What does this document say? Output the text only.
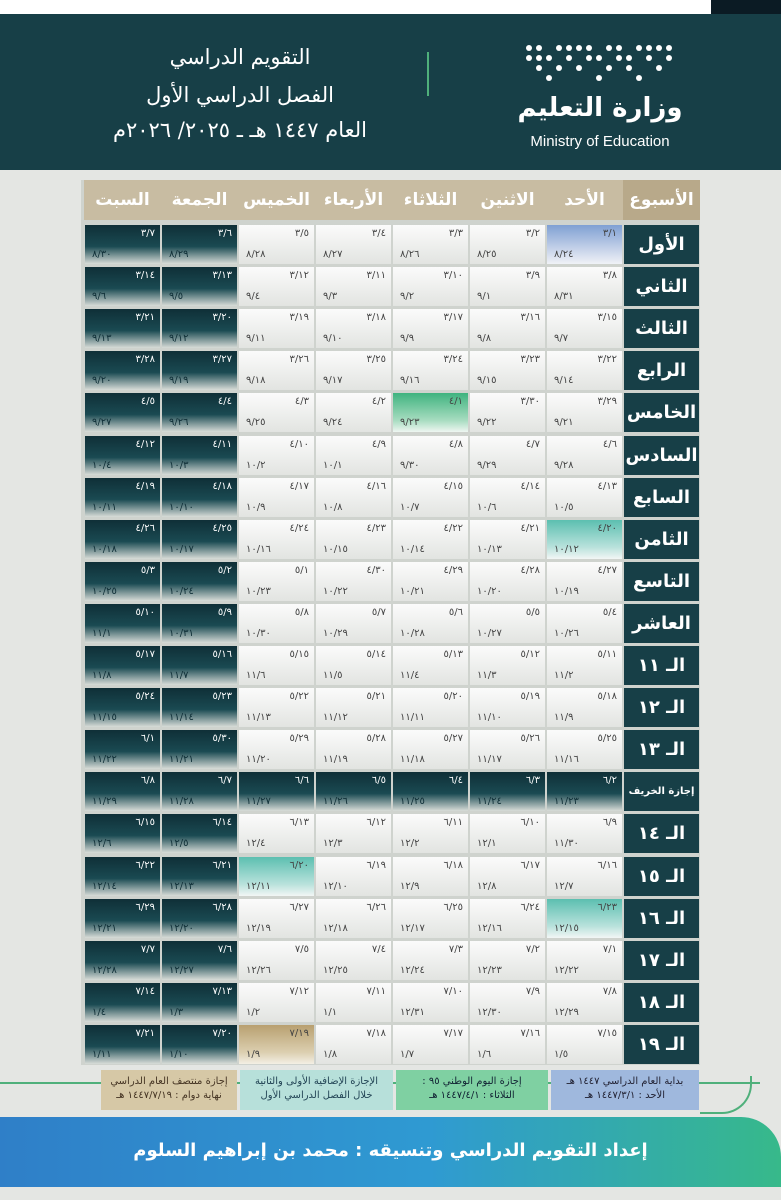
وزارة التعليم
Ministry of Education
التقويم الدراسي
الفصل الدراسي الأول
العام ١٤٤٧ هـ ـ ٢٠٢٥/ ٢٠٢٦م
الأسبوع
الأحد
الاثنين
الثلاثاء
الأربعاء
الخميس
الجمعة
السبت
الأول
٣/١
٨/٢٤
٣/٢
٨/٢٥
٣/٣
٨/٢٦
٣/٤
٨/٢٧
٣/٥
٨/٢٨
٣/٦
٨/٢٩
٣/٧
٨/٣٠
الثاني
٣/٨
٨/٣١
٣/٩
٩/١
٣/١٠
٩/٢
٣/١١
٩/٣
٣/١٢
٩/٤
٣/١٣
٩/٥
٣/١٤
٩/٦
الثالث
٣/١٥
٩/٧
٣/١٦
٩/٨
٣/١٧
٩/٩
٣/١٨
٩/١٠
٣/١٩
٩/١١
٣/٢٠
٩/١٢
٣/٢١
٩/١٣
الرابع
٣/٢٢
٩/١٤
٣/٢٣
٩/١٥
٣/٢٤
٩/١٦
٣/٢٥
٩/١٧
٣/٢٦
٩/١٨
٣/٢٧
٩/١٩
٣/٢٨
٩/٢٠
الخامس
٣/٢٩
٩/٢١
٣/٣٠
٩/٢٢
٤/١
٩/٢٣
٤/٢
٩/٢٤
٤/٣
٩/٢٥
٤/٤
٩/٢٦
٤/٥
٩/٢٧
السادس
٤/٦
٩/٢٨
٤/٧
٩/٢٩
٤/٨
٩/٣٠
٤/٩
١٠/١
٤/١٠
١٠/٢
٤/١١
١٠/٣
٤/١٢
١٠/٤
السابع
٤/١٣
١٠/٥
٤/١٤
١٠/٦
٤/١٥
١٠/٧
٤/١٦
١٠/٨
٤/١٧
١٠/٩
٤/١٨
١٠/١٠
٤/١٩
١٠/١١
الثامن
٤/٢٠
١٠/١٢
٤/٢١
١٠/١٣
٤/٢٢
١٠/١٤
٤/٢٣
١٠/١٥
٤/٢٤
١٠/١٦
٤/٢٥
١٠/١٧
٤/٢٦
١٠/١٨
التاسع
٤/٢٧
١٠/١٩
٤/٢٨
١٠/٢٠
٤/٢٩
١٠/٢١
٤/٣٠
١٠/٢٢
٥/١
١٠/٢٣
٥/٢
١٠/٢٤
٥/٣
١٠/٢٥
العاشر
٥/٤
١٠/٢٦
٥/٥
١٠/٢٧
٥/٦
١٠/٢٨
٥/٧
١٠/٢٩
٥/٨
١٠/٣٠
٥/٩
١٠/٣١
٥/١٠
١١/١
الـ ١١
٥/١١
١١/٢
٥/١٢
١١/٣
٥/١٣
١١/٤
٥/١٤
١١/٥
٥/١٥
١١/٦
٥/١٦
١١/٧
٥/١٧
١١/٨
الـ ١٢
٥/١٨
١١/٩
٥/١٩
١١/١٠
٥/٢٠
١١/١١
٥/٢١
١١/١٢
٥/٢٢
١١/١٣
٥/٢٣
١١/١٤
٥/٢٤
١١/١٥
الـ ١٣
٥/٢٥
١١/١٦
٥/٢٦
١١/١٧
٥/٢٧
١١/١٨
٥/٢٨
١١/١٩
٥/٢٩
١١/٢٠
٥/٣٠
١١/٢١
٦/١
١١/٢٢
إجازة الخريف
٦/٢
١١/٢٣
٦/٣
١١/٢٤
٦/٤
١١/٢٥
٦/٥
١١/٢٦
٦/٦
١١/٢٧
٦/٧
١١/٢٨
٦/٨
١١/٢٩
الـ ١٤
٦/٩
١١/٣٠
٦/١٠
١٢/١
٦/١١
١٢/٢
٦/١٢
١٢/٣
٦/١٣
١٢/٤
٦/١٤
١٢/٥
٦/١٥
١٢/٦
الـ ١٥
٦/١٦
١٢/٧
٦/١٧
١٢/٨
٦/١٨
١٢/٩
٦/١٩
١٢/١٠
٦/٢٠
١٢/١١
٦/٢١
١٢/١٣
٦/٢٢
١٢/١٤
الـ ١٦
٦/٢٣
١٢/١٥
٦/٢٤
١٢/١٦
٦/٢٥
١٢/١٧
٦/٢٦
١٢/١٨
٦/٢٧
١٢/١٩
٦/٢٨
١٢/٢٠
٦/٢٩
١٢/٢١
الـ ١٧
٧/١
١٢/٢٢
٧/٢
١٢/٢٣
٧/٣
١٢/٢٤
٧/٤
١٢/٢٥
٧/٥
١٢/٢٦
٧/٦
١٢/٢٧
٧/٧
١٢/٢٨
الـ ١٨
٧/٨
١٢/٢٩
٧/٩
١٢/٣٠
٧/١٠
١٢/٣١
٧/١١
١/١
٧/١٢
١/٢
٧/١٣
١/٣
٧/١٤
١/٤
الـ ١٩
٧/١٥
١/٥
٧/١٦
١/٦
٧/١٧
١/٧
٧/١٨
١/٨
٧/١٩
١/٩
٧/٢٠
١/١٠
٧/٢١
١/١١
بداية العام الدراسي ١٤٤٧ هـ
الأحد : ١٤٤٧/٣/١ هـ
إجازة اليوم الوطني ٩٥ :
الثلاثاء : ١٤٤٧/٤/١ هـ
الإجازة الإضافية الأولى والثانية
خلال الفصل الدراسي الأول
إجازة منتصف العام الدراسي
نهاية دوام : ١٤٤٧/٧/١٩ هـ
إعداد التقويم الدراسي وتنسيقه : محمد بن إبراهيم السلوم
